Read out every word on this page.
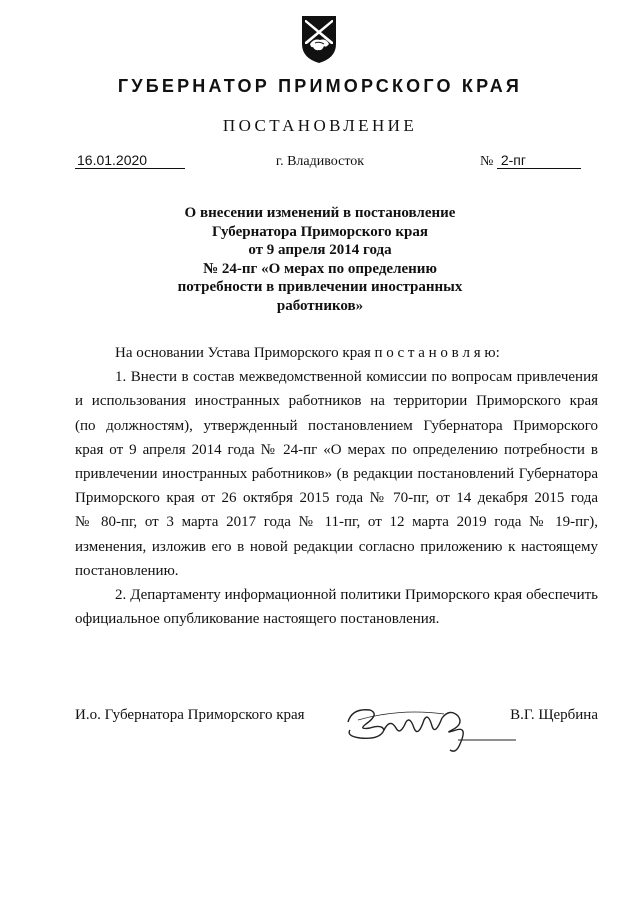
ГУБЕРНАТОР ПРИМОРСКОГО КРАЯ
ПОСТАНОВЛЕНИЕ
16.01.2020	г. Владивосток	№ 2-пг
О внесении изменений в постановление
Губернатора Приморского края
от 9 апреля 2014 года
№ 24-пг «О мерах по определению
потребности в привлечении иностранных
работников»

На основании Устава Приморского края п о с т а н о в л я ю:

1. Внести в состав межведомственной комиссии по вопросам привлечения
и использования иностранных работников на территории Приморского края
(по должностям), утвержденный постановлением Губернатора Приморского
края от 9 апреля 2014 года № 24-пг «О мерах по определению потребности в
привлечении иностранных работников» (в редакции постановлений Губернатора
Приморского края от 26 октября 2015 года № 70-пг, от 14 декабря 2015 года
№ 80-пг, от 3 марта 2017 года № 11-пг, от 12 марта 2019 года № 19-пг),
изменения, изложив его в новой редакции согласно приложению к настоящему
постановлению.

2. Департаменту информационной политики Приморского края обеспечить
официальное опубликование настоящего постановления.

И.о. Губернатора Приморского края	В.Г. Щербина
